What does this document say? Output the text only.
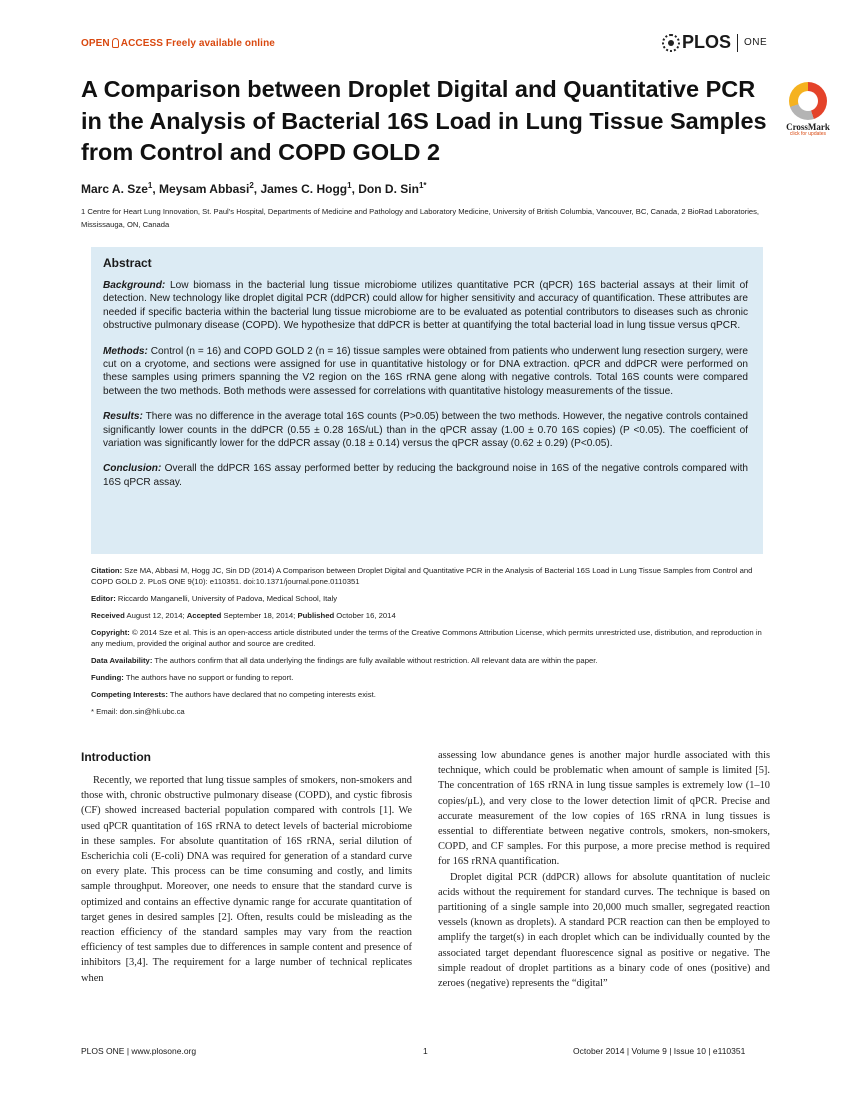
OPEN ACCESS Freely available online	PLOS ONE
CrossMark
click for updates
A Comparison between Droplet Digital and Quantitative PCR in the Analysis of Bacterial 16S Load in Lung Tissue Samples from Control and COPD GOLD 2
Marc A. Sze$^1$, Meysam Abbasi$^2$, James C. Hogg$^1$, Don D. Sin$^{1*}$
1 Centre for Heart Lung Innovation, St. Paul’s Hospital, Departments of Medicine and Pathology and Laboratory Medicine, University of British Columbia, Vancouver, BC, Canada, 2 BioRad Laboratories, Mississauga, ON, Canada
Abstract

Background: Low biomass in the bacterial lung tissue microbiome utilizes quantitative PCR (qPCR) 16S bacterial assays at their limit of detection. New technology like droplet digital PCR (ddPCR) could allow for higher sensitivity and accuracy of quantification. These attributes are needed if specific bacteria within the bacterial lung tissue microbiome are to be evaluated as potential contributors to diseases such as chronic obstructive pulmonary disease (COPD). We hypothesize that ddPCR is better at quantifying the total bacterial load in lung tissue versus qPCR.

Methods: Control (n = 16) and COPD GOLD 2 (n = 16) tissue samples were obtained from patients who underwent lung resection surgery, were cut on a cryotome, and sections were assigned for use in quantitative histology or for DNA extraction. qPCR and ddPCR were performed on these samples using primers spanning the V2 region on the 16S rRNA gene along with negative controls. Total 16S counts were compared between the two methods. Both methods were assessed for correlations with quantitative histology measurements of the tissue.

Results: There was no difference in the average total 16S counts (P>0.05) between the two methods. However, the negative controls contained significantly lower counts in the ddPCR (0.55 ± 0.28 16S/uL) than in the qPCR assay (1.00 ± 0.70 16S copies) (P <0.05). The coefficient of variation was significantly lower for the ddPCR assay (0.18 ± 0.14) versus the qPCR assay (0.62 ± 0.29) (P<0.05).

Conclusion: Overall the ddPCR 16S assay performed better by reducing the background noise in 16S of the negative controls compared with 16S qPCR assay.

Citation: Sze MA, Abbasi M, Hogg JC, Sin DD (2014) A Comparison between Droplet Digital and Quantitative PCR in the Analysis of Bacterial 16S Load in Lung Tissue Samples from Control and COPD GOLD 2. PLoS ONE 9(10): e110351. doi:10.1371/journal.pone.0110351
Editor: Riccardo Manganelli, University of Padova, Medical School, Italy
Received August 12, 2014; Accepted September 18, 2014; Published October 16, 2014
Copyright: © 2014 Sze et al. This is an open-access article distributed under the terms of the Creative Commons Attribution License, which permits unrestricted use, distribution, and reproduction in any medium, provided the original author and source are credited.
Data Availability: The authors confirm that all data underlying the findings are fully available without restriction. All relevant data are within the paper.
Funding: The authors have no support or funding to report.
Competing Interests: The authors have declared that no competing interests exist.
* Email: don.sin@hli.ubc.ca
Introduction

Recently, we reported that lung tissue samples of smokers, non-smokers and those with, chronic obstructive pulmonary disease (COPD), and cystic fibrosis (CF) showed increased bacterial population compared with controls [1]. We used qPCR quantitation of 16S rRNA to detect levels of bacterial microbiome in these samples. For absolute quantitation of 16S rRNA, serial dilution of Escherichia coli (E-coli) DNA was required for generation of a standard curve on every plate. This process can be time consuming and costly, and limits sample throughput. Moreover, one needs to ensure that the standard curve is optimized and contains an effective dynamic range for accurate quantitation of target genes in desired samples [2]. Often, results could be misleading as the reaction efficiency of the standard samples may vary from the reaction efficiency of test samples due to differences in sample content and presence of inhibitors [3,4]. The requirement for a large number of technical replicates when

assessing low abundance genes is another major hurdle associated with this technique, which could be problematic when amount of sample is limited [5]. The concentration of 16S rRNA in lung tissue samples is extremely low (1–10 copies/μL), and very close to the lower detection limit of qPCR. Precise and accurate measurement of the low copies of 16S rRNA in lung tissues is essential to differentiate between negative controls, smokers, non-smokers, COPD, and CF samples. For this purpose, a more precise method is required for 16S rRNA quantification.

Droplet digital PCR (ddPCR) allows for absolute quantitation of nucleic acids without the requirement for standard curves. The technique is based on partitioning of a single sample into 20,000 much smaller, segregated reaction vessels (known as droplets). A standard PCR reaction can then be employed to amplify the target(s) in each droplet which can be individually counted by the associated target dependant fluorescence signal as positive or negative. The simple readout of droplet partitions as a binary code of ones (positive) and zeroes (negative) represents the “digital”

PLOS ONE | www.plosone.org	1	October 2014 | Volume 9 | Issue 10 | e110351
